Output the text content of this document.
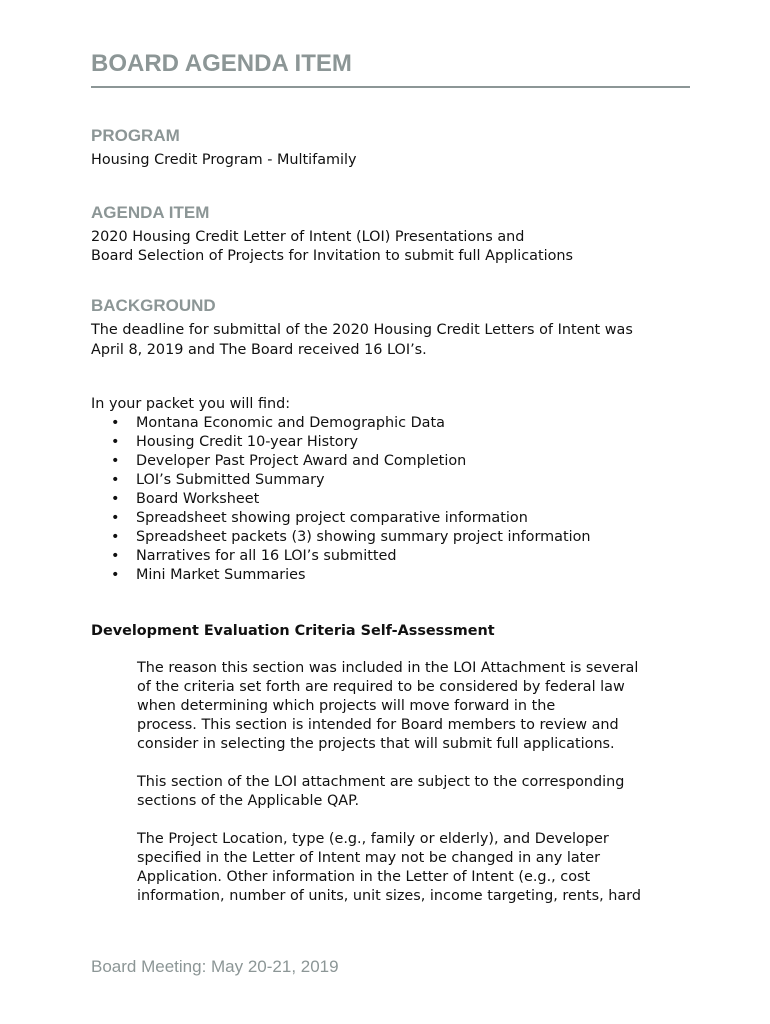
BOARD AGENDA ITEM
PROGRAM
Housing Credit Program - Multifamily
AGENDA ITEM
2020 Housing Credit Letter of Intent (LOI) Presentations and
Board Selection of Projects for Invitation to submit full Applications
BACKGROUND
The deadline for submittal of the 2020 Housing Credit Letters of Intent was
April 8, 2019 and The Board received 16 LOI’s.
In your packet you will find:
• Montana Economic and Demographic Data
• Housing Credit 10-year History
• Developer Past Project Award and Completion
• LOI’s Submitted Summary
• Board Worksheet
• Spreadsheet showing project comparative information
• Spreadsheet packets (3) showing summary project information
• Narratives for all 16 LOI’s submitted
• Mini Market Summaries
Development Evaluation Criteria Self-Assessment
The reason this section was included in the LOI Attachment is several
of the criteria set forth are required to be considered by federal law
when determining which projects will move forward in the
process. This section is intended for Board members to review and
consider in selecting the projects that will submit full applications.
This section of the LOI attachment are subject to the corresponding
sections of the Applicable QAP.
The Project Location, type (e.g., family or elderly), and Developer
specified in the Letter of Intent may not be changed in any later
Application. Other information in the Letter of Intent (e.g., cost
information, number of units, unit sizes, income targeting, rents, hard
Board Meeting: May 20-21, 2019
